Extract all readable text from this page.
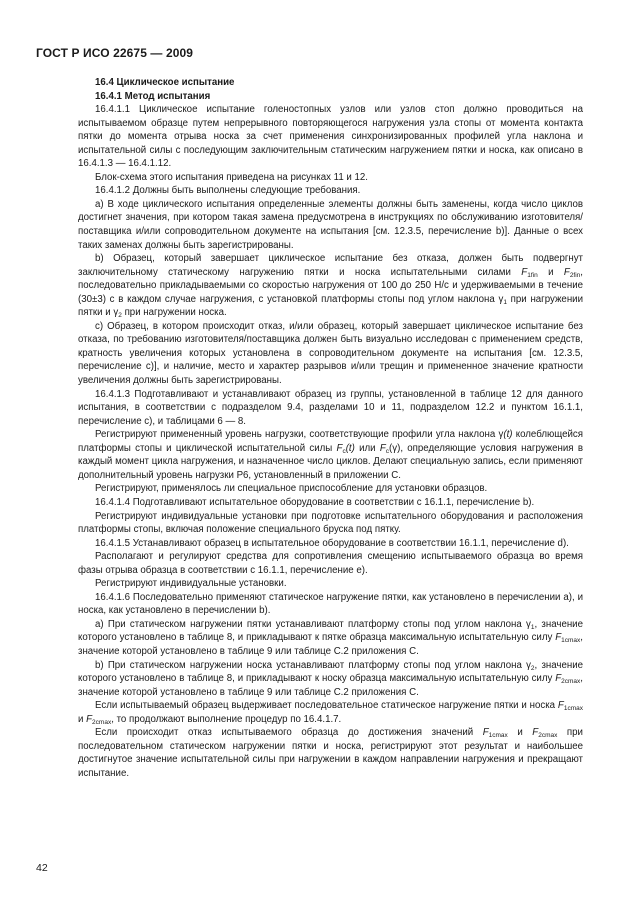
ГОСТ Р ИСО 22675 — 2009

16.4 Циклическое испытание

16.4.1 Метод испытания

16.4.1.1 Циклическое испытание голеностопных узлов или узлов стоп должно проводиться на испытываемом образце путем непрерывного повторяющегося нагружения узла стопы от момента контакта пятки до момента отрыва носка за счет применения синхронизированных профилей угла наклона и испытательной силы с последующим заключительным статическим нагружением пятки и носка, как описано в 16.4.1.3 — 16.4.1.12.

Блок-схема этого испытания приведена на рисунках 11 и 12.

16.4.1.2 Должны быть выполнены следующие требования.

а) В ходе циклического испытания определенные элементы должны быть заменены, когда число циклов достигнет значения, при котором такая замена предусмотрена в инструкциях по обслуживанию изготовителя/поставщика и/или сопроводительном документе на испытания [см. 12.3.5, перечисление b)]. Данные о всех таких заменах должны быть зарегистрированы.

b) Образец, который завершает циклическое испытание без отказа, должен быть подвергнут заключительному статическому нагружению пятки и носка испытательными силами $F_{1fin}$ и $F_{2fin}$, последовательно прикладываемыми со скоростью нагружения от 100 до 250 Н/с и удерживаемыми в течение (30±3) с в каждом случае нагружения, с установкой платформы стопы под углом наклона $\gamma_1$ при нагружении пятки и $\gamma_2$ при нагружении носка.

с) Образец, в котором происходит отказ, и/или образец, который завершает циклическое испытание без отказа, по требованию изготовителя/поставщика должен быть визуально исследован с применением средств, кратность увеличения которых установлена в сопроводительном документе на испытания [см. 12.3.5, перечисление с)], и наличие, место и характер разрывов и/или трещин и примененное значение кратности увеличения должны быть зарегистрированы.

16.4.1.3 Подготавливают и устанавливают образец из группы, установленной в таблице 12 для данного испытания, в соответствии с подразделом 9.4, разделами 10 и 11, подразделом 12.2 и пунктом 16.1.1, перечисление с), и таблицами 6 — 8.

Регистрируют примененный уровень нагрузки, соответствующие профили угла наклона γ(t) колеблющейся платформы стопы и циклической испытательной силы $F_c(t)$ или $F_c(\gamma)$, определяющие условия нагружения в каждый момент цикла нагружения, и назначенное число циклов. Делают специальную запись, если применяют дополнительный уровень нагрузки Р6, установленный в приложении С.

Регистрируют, применялось ли специальное приспособление для установки образцов.

16.4.1.4 Подготавливают испытательное оборудование в соответствии с 16.1.1, перечисление b).

Регистрируют индивидуальные установки при подготовке испытательного оборудования и расположения платформы стопы, включая положение специального бруска под пятку.

16.4.1.5 Устанавливают образец в испытательное оборудование в соответствии 16.1.1, перечисление d).

Располагают и регулируют средства для сопротивления смещению испытываемого образца во время фазы отрыва образца в соответствии с 16.1.1, перечисление е).

Регистрируют индивидуальные установки.

16.4.1.6 Последовательно применяют статическое нагружение пятки, как установлено в перечислении а), и носка, как установлено в перечислении b).

а) При статическом нагружении пятки устанавливают платформу стопы под углом наклона $\gamma_1$, значение которого установлено в таблице 8, и прикладывают к пятке образца максимальную испытательную силу $F_{1cmax}$, значение которой установлено в таблице 9 или таблице С.2 приложения С.

b) При статическом нагружении носка устанавливают платформу стопы под углом наклона $\gamma_2$, значение которого установлено в таблице 8, и прикладывают к носку образца максимальную испытательную силу $F_{2cmax}$, значение которой установлено в таблице 9 или таблице С.2 приложения С.

Если испытываемый образец выдерживает последовательное статическое нагружение пятки и носка $F_{1cmax}$ и $F_{2cmax}$, то продолжают выполнение процедур по 16.4.1.7.

Если происходит отказ испытываемого образца до достижения значений $F_{1cmax}$ и $F_{2cmax}$ при последовательном статическом нагружении пятки и носка, регистрируют этот результат и наибольшее достигнутое значение испытательной силы при нагружении в каждом направлении нагружения и прекращают испытание.

42
